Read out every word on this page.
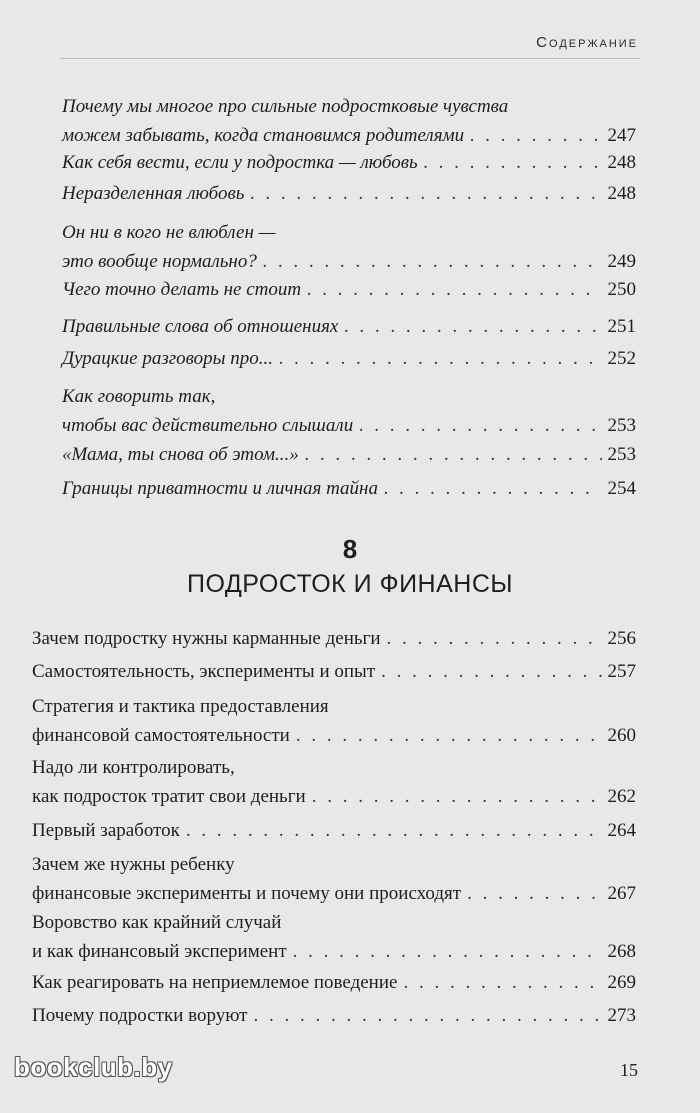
Содержание
Почему мы многое про сильные подростковые чувства
можем забывать, когда становимся родителями . . .	247
Как себя вести, если у подростка — любовь . . .	248
Неразделенная любовь . . .	248
Он ни в кого не влюблен —
это вообще нормально? . . .	249
Чего точно делать не стоит . . .	250
Правильные слова об отношениях . . .	251
Дурацкие разговоры про... . . .	252
Как говорить так,
чтобы вас действительно слышали . . .	253
«Мама, ты снова об этом...» . . .	253
Границы приватности и личная тайна . . .	254
8
ПОДРОСТОК И ФИНАНСЫ
Зачем подростку нужны карманные деньги . . .	256
Самостоятельность, эксперименты и опыт . . .	257
Стратегия и тактика предоставления
финансовой самостоятельности . . .	260
Надо ли контролировать,
как подросток тратит свои деньги . . .	262
Первый заработок . . .	264
Зачем же нужны ребенку
финансовые эксперименты и почему они происходят . . .	267
Воровство как крайний случай
и как финансовый эксперимент . . .	268
Как реагировать на неприемлемое поведение . . .	269
Почему подростки воруют . . .	273
bookclub.by	15
